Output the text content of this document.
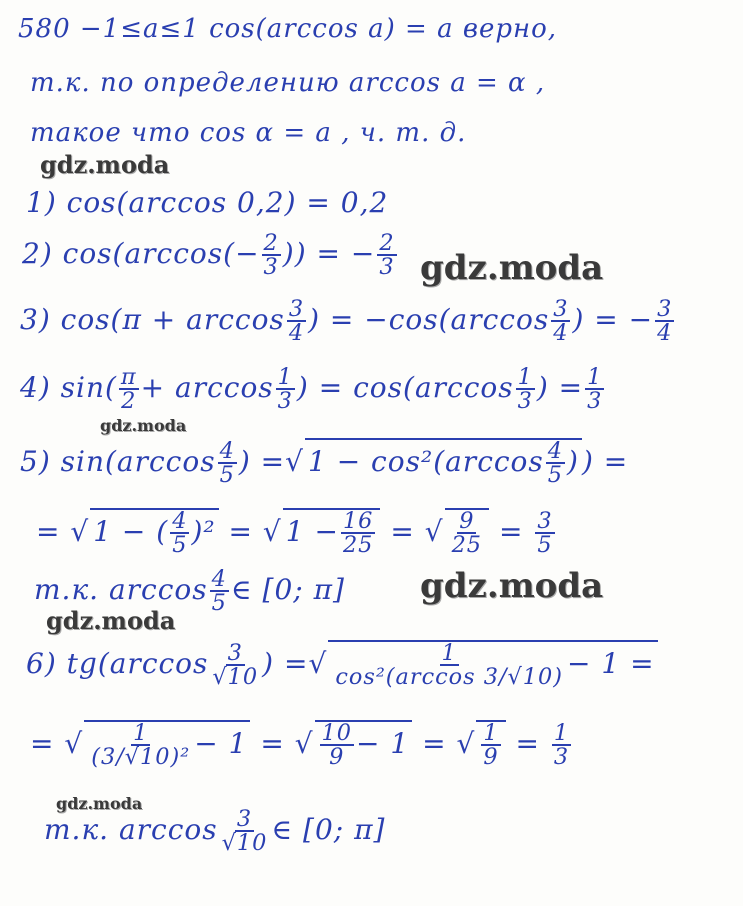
580 −1≤a≤1 cos(arccos a) = a верно,
т.к. по определению arccos a = α ,
такое что cos α = a , ч. т. д.
gdz.moda
1) cos(arccos 0,2) = 0,2
2) $\cos(\arccos(- \frac{2}{3}$ )) = − $\frac{2}{3}$ gdz.moda
3) $\cos(\pi + \arccos \frac{3}{4}$ ) = $-\cos(\arccos \frac{3}{4}$ ) = − $\frac{3}{4}$
4) $\sin( \frac{\pi}{2} + \arccos \frac{1}{3}$ ) = $\cos(\arccos \frac{1}{3}$ ) = $\frac{1}{3}$
gdz.moda
5) $\sin(\arccos \frac{4}{5}$ ) =√ $1 - \cos^2(\arccos \frac{4}{5}$ ) ) =
= √ 1 − ( $\frac{4}{5} )^2$ = √ $1 - \frac{16}{25}$ = √ $\frac{9}{25} = \frac{3}{5}$
т.к. $\arccos \frac{4}{5}$ ∈ [0; π] gdz.moda
gdz.moda
6) $tg(\arccos \frac{3}{√10}$ ) =√ $\frac{1}{\text{cos²(arccos 3/√10)}} - 1$ =
= √ $\frac{1}{\text{(3/√10)²}} - 1$ = √ $\frac{10}{9} - 1$ = √ $\frac{1}{9} = \frac{1}{3}$
gdz.moda
т.к. $\arccos \frac{3}{√10}$ ∈ [0; π]
